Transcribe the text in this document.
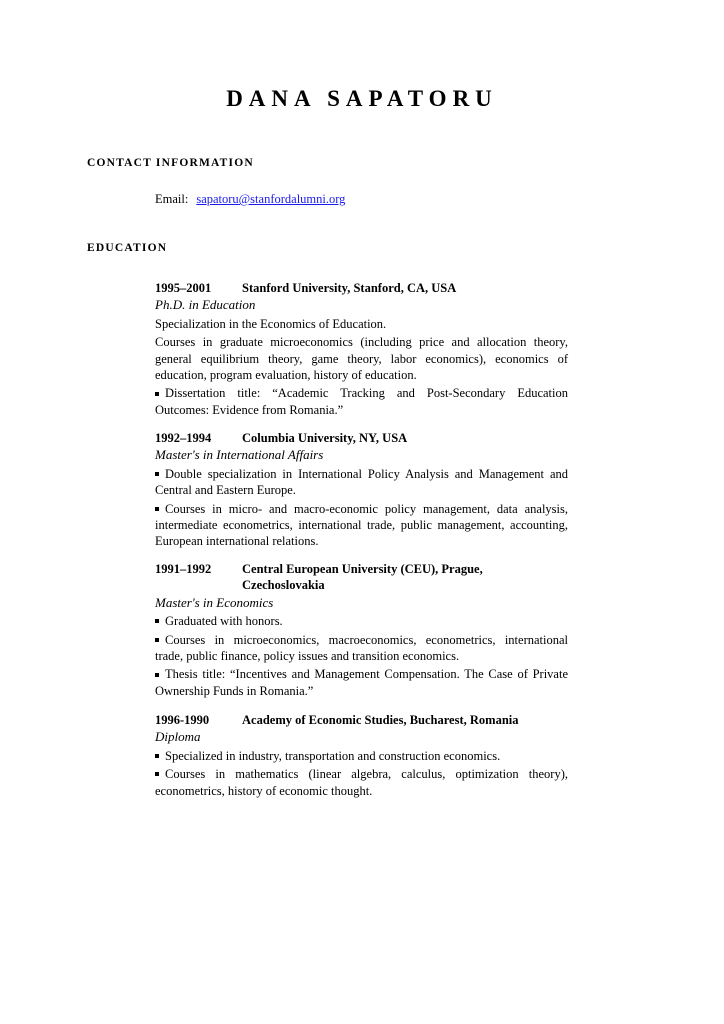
DANA SAPATORU
CONTACT INFORMATION
Email: sapatoru@stanfordalumni.org
EDUCATION
1995–2001 Stanford University, Stanford, CA, USA
Ph.D. in Education

Specialization in the Economics of Education.

Courses in graduate microeconomics (including price and allocation theory, general equilibrium theory, game theory, labor economics), economics of education, program evaluation, history of education.

Dissertation title: “Academic Tracking and Post-Secondary Education Outcomes: Evidence from Romania.”

1992–1994 Columbia University, NY, USA
Master's in International Affairs

Double specialization in International Policy Analysis and Management and Central and Eastern Europe.

Courses in micro- and macro-economic policy management, data analysis, intermediate econometrics, international trade, public management, accounting, European international relations.

1991–1992 Central European University (CEU), Prague, Czechoslovakia
Master's in Economics

Graduated with honors.

Courses in microeconomics, macroeconomics, econometrics, international trade, public finance, policy issues and transition economics.

Thesis title: “Incentives and Management Compensation. The Case of Private Ownership Funds in Romania.”

1996-1990	Academy of Economic Studies, Bucharest, Romania
Diploma

Specialized in industry, transportation and construction economics.

Courses in mathematics (linear algebra, calculus, optimization theory), econometrics, history of economic thought.
